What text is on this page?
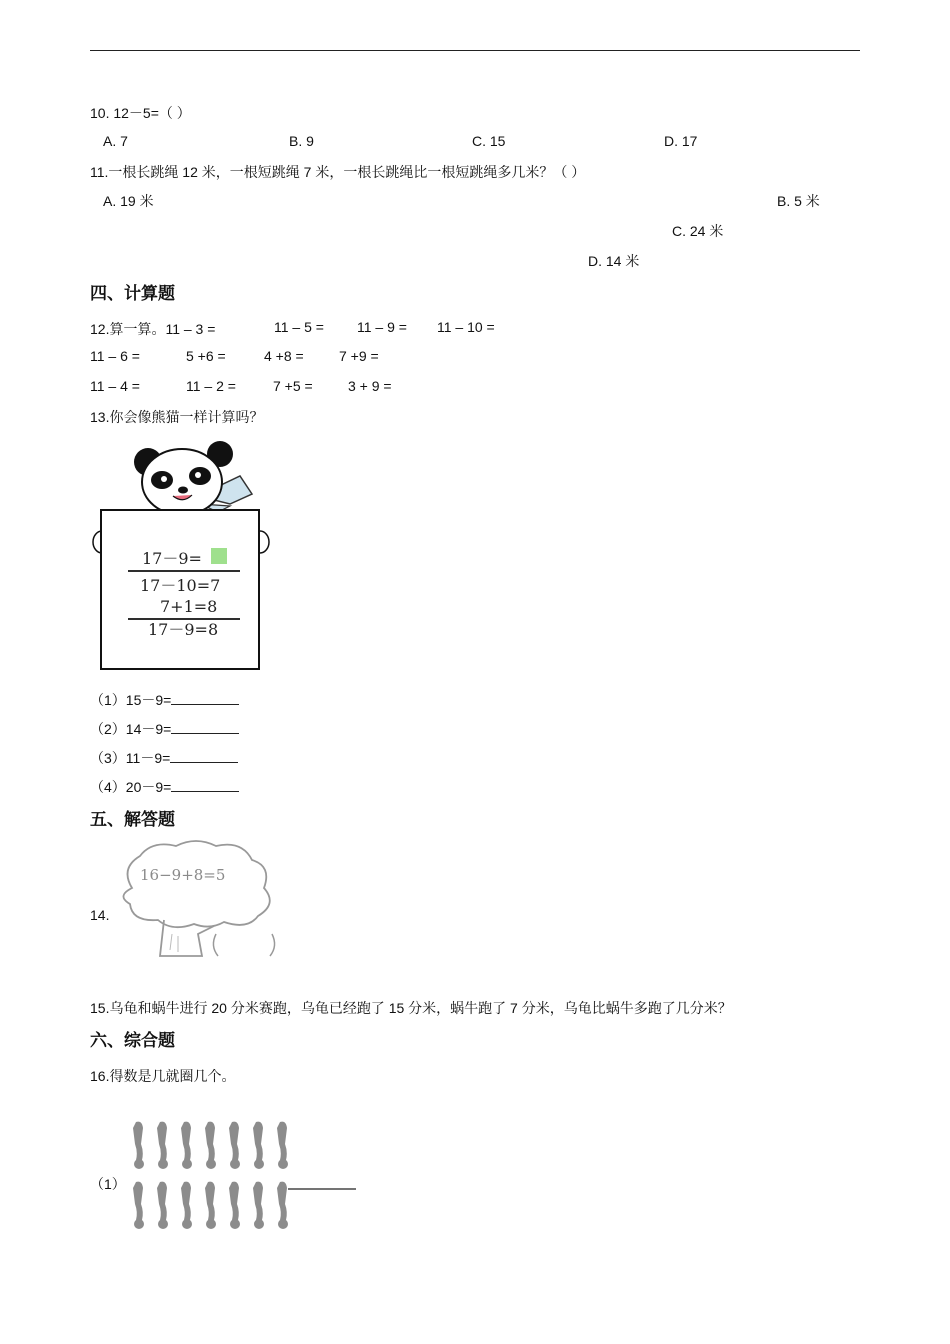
10. 12－5=（ ）
A. 7	B. 9	C. 15	D. 17
11.一根长跳绳 12 米，一根短跳绳 7 米，一根长跳绳比一根短跳绳多几米？（ ）
A. 19 米	B. 5 米
C. 24 米
D. 14 米
四、计算题
12.算一算。11 – 3 =	11 – 5 = 11 – 9 = 11 – 10 =
11 – 6 =	5 +6 =	4 +8 =	7 +9 =
11 – 4 =	11 – 2 =	7 +5 =	3 + 9 =
13.你会像熊猫一样计算吗？
17－9=
17－10=7
7+1=8
17－9=8
（1）15－9=
（2）14－9=
（3）11－9=
（4）20－9=
五、解答题
14.
16−9+8=5
15.乌龟和蜗牛进行 20 分米赛跑，乌龟已经跑了 15 分米，蜗牛跑了 7 分米，乌龟比蜗牛多跑了几分米？
六、综合题
16.得数是几就圈几个。
（1）
